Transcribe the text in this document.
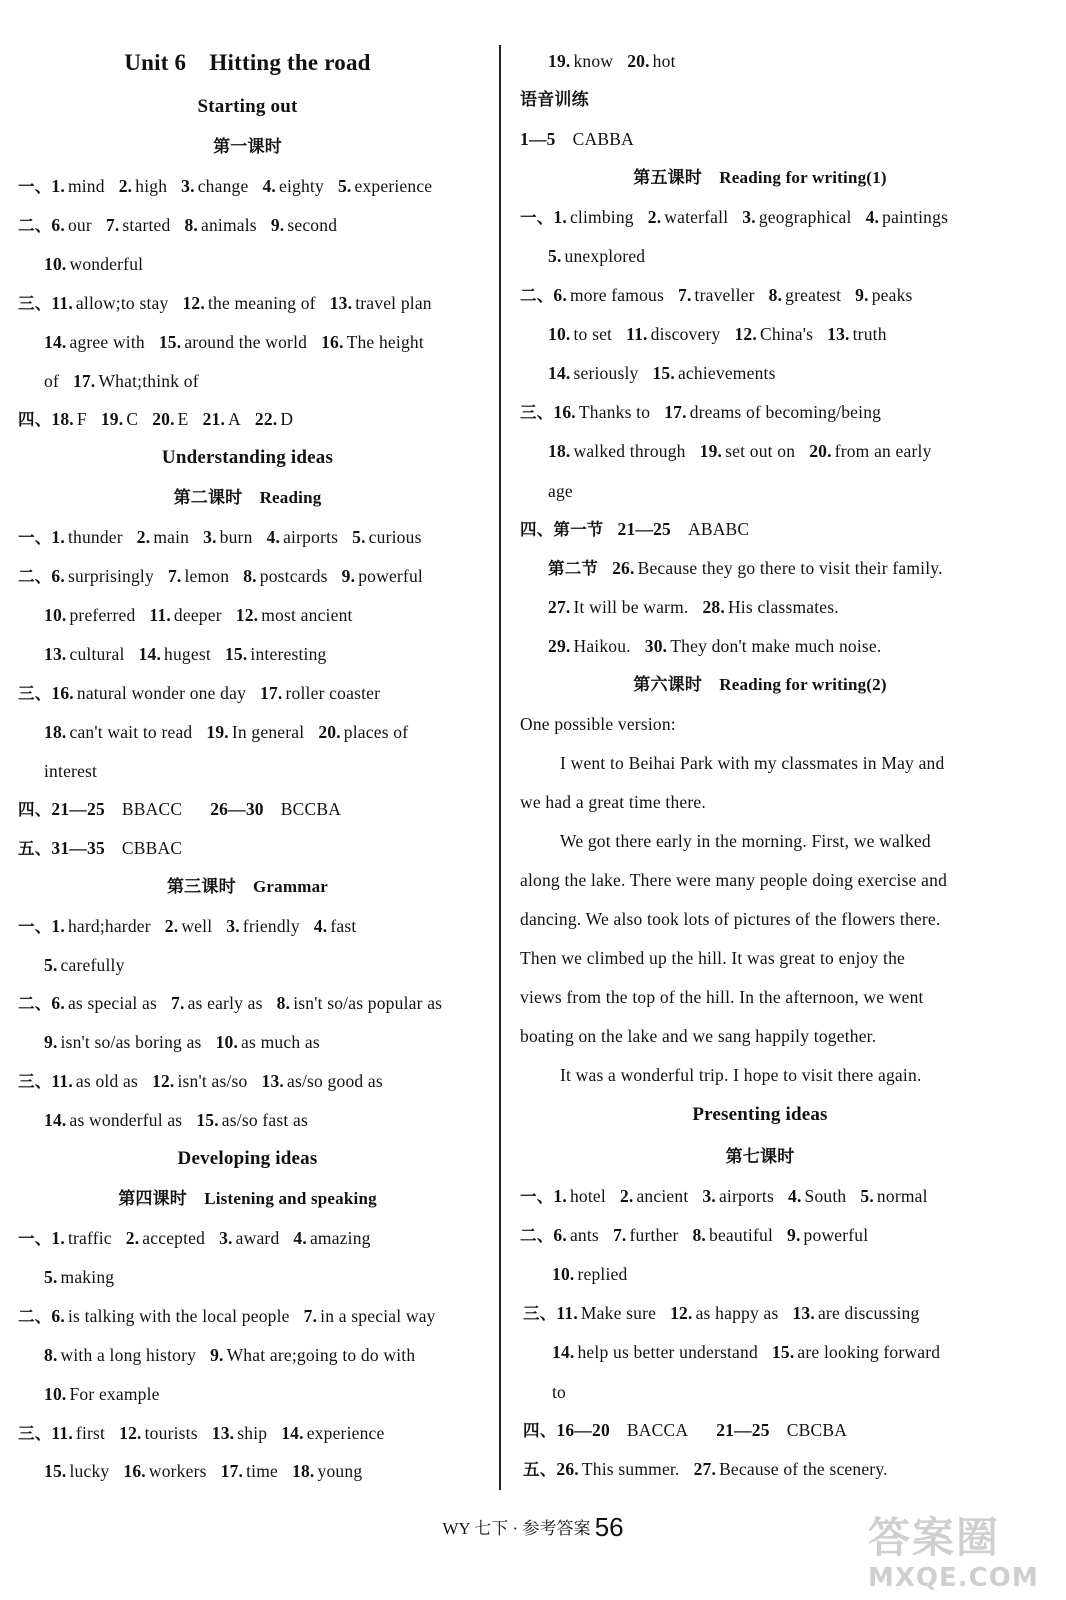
Unit 6　Hitting the road
Starting out
第一课时
一、1. mind 2. high 3. change 4. eighty 5. experience
二、6. our 7. started 8. animals 9. second
10. wonderful
三、11. allow;to stay 12. the meaning of 13. travel plan
14. agree with 15. around the world 16. The height
of 17. What;think of
四、18. F 19. C 20. E 21. A 22. D
Understanding ideas
第二课时　 Reading
一、1. thunder 2. main 3. burn 4. airports 5. curious
二、6. surprisingly 7. lemon 8. postcards 9. powerful
10. preferred 11. deeper 12. most ancient
13. cultural 14. hugest 15. interesting
三、16. natural wonder one day 17. roller coaster
18. can't wait to read 19. In general 20. places of
interest
四、21—25 BBACC 26—30 BCCBA
五、31—35 CBBAC
第三课时　 Grammar
一、1. hard;harder 2. well 3. friendly 4. fast
5. carefully
二、6. as special as 7. as early as 8. isn't so/as popular as
9. isn't so/as boring as 10. as much as
三、11. as old as 12. isn't as/so 13. as/so good as
14. as wonderful as 15. as/so fast as
Developing ideas
第四课时　 Listening and speaking
一、1. traffic 2. accepted 3. award 4. amazing
5. making
二、6. is talking with the local people 7. in a special way
8. with a long history 9. What are;going to do with
10. For example
三、11. first 12. tourists 13. ship 14. experience
15. lucky 16. workers 17. time 18. young
19. know 20. hot
语音训练
1—5 CABBA
第五课时　 Reading for writing(1)
一、1. climbing 2. waterfall 3. geographical 4. paintings
5. unexplored
二、6. more famous 7. traveller 8. greatest 9. peaks
10. to set 11. discovery 12. China's 13. truth
14. seriously 15. achievements
三、16. Thanks to 17. dreams of becoming/being
18. walked through 19. set out on 20. from an early
age
四、第一节 21—25 ABABC
第二节 26. Because they go there to visit their family.
27. It will be warm. 28. His classmates.
29. Haikou. 30. They don't make much noise.
第六课时　 Reading for writing(2)
One possible version:
I went to Beihai Park with my classmates in May and
we had a great time there.
We got there early in the morning. First, we walked
along the lake. There were many people doing exercise and
dancing. We also took lots of pictures of the flowers there.
Then we climbed up the hill. It was great to enjoy the
views from the top of the hill. In the afternoon, we went
boating on the lake and we sang happily together.
It was a wonderful trip. I hope to visit there again.
Presenting ideas
第七课时
一、1. hotel 2. ancient 3. airports 4. South 5. normal
二、6. ants 7. further 8. beautiful 9. powerful
10. replied
三、11. Make sure 12. as happy as 13. are discussing
14. help us better understand 15. are looking forward
to
四、16—20 BACCA 21—25 CBCBA
五、26. This summer. 27. Because of the scenery.
WY 七下 · 参考答案 56	答案圈
MXQE.COM
